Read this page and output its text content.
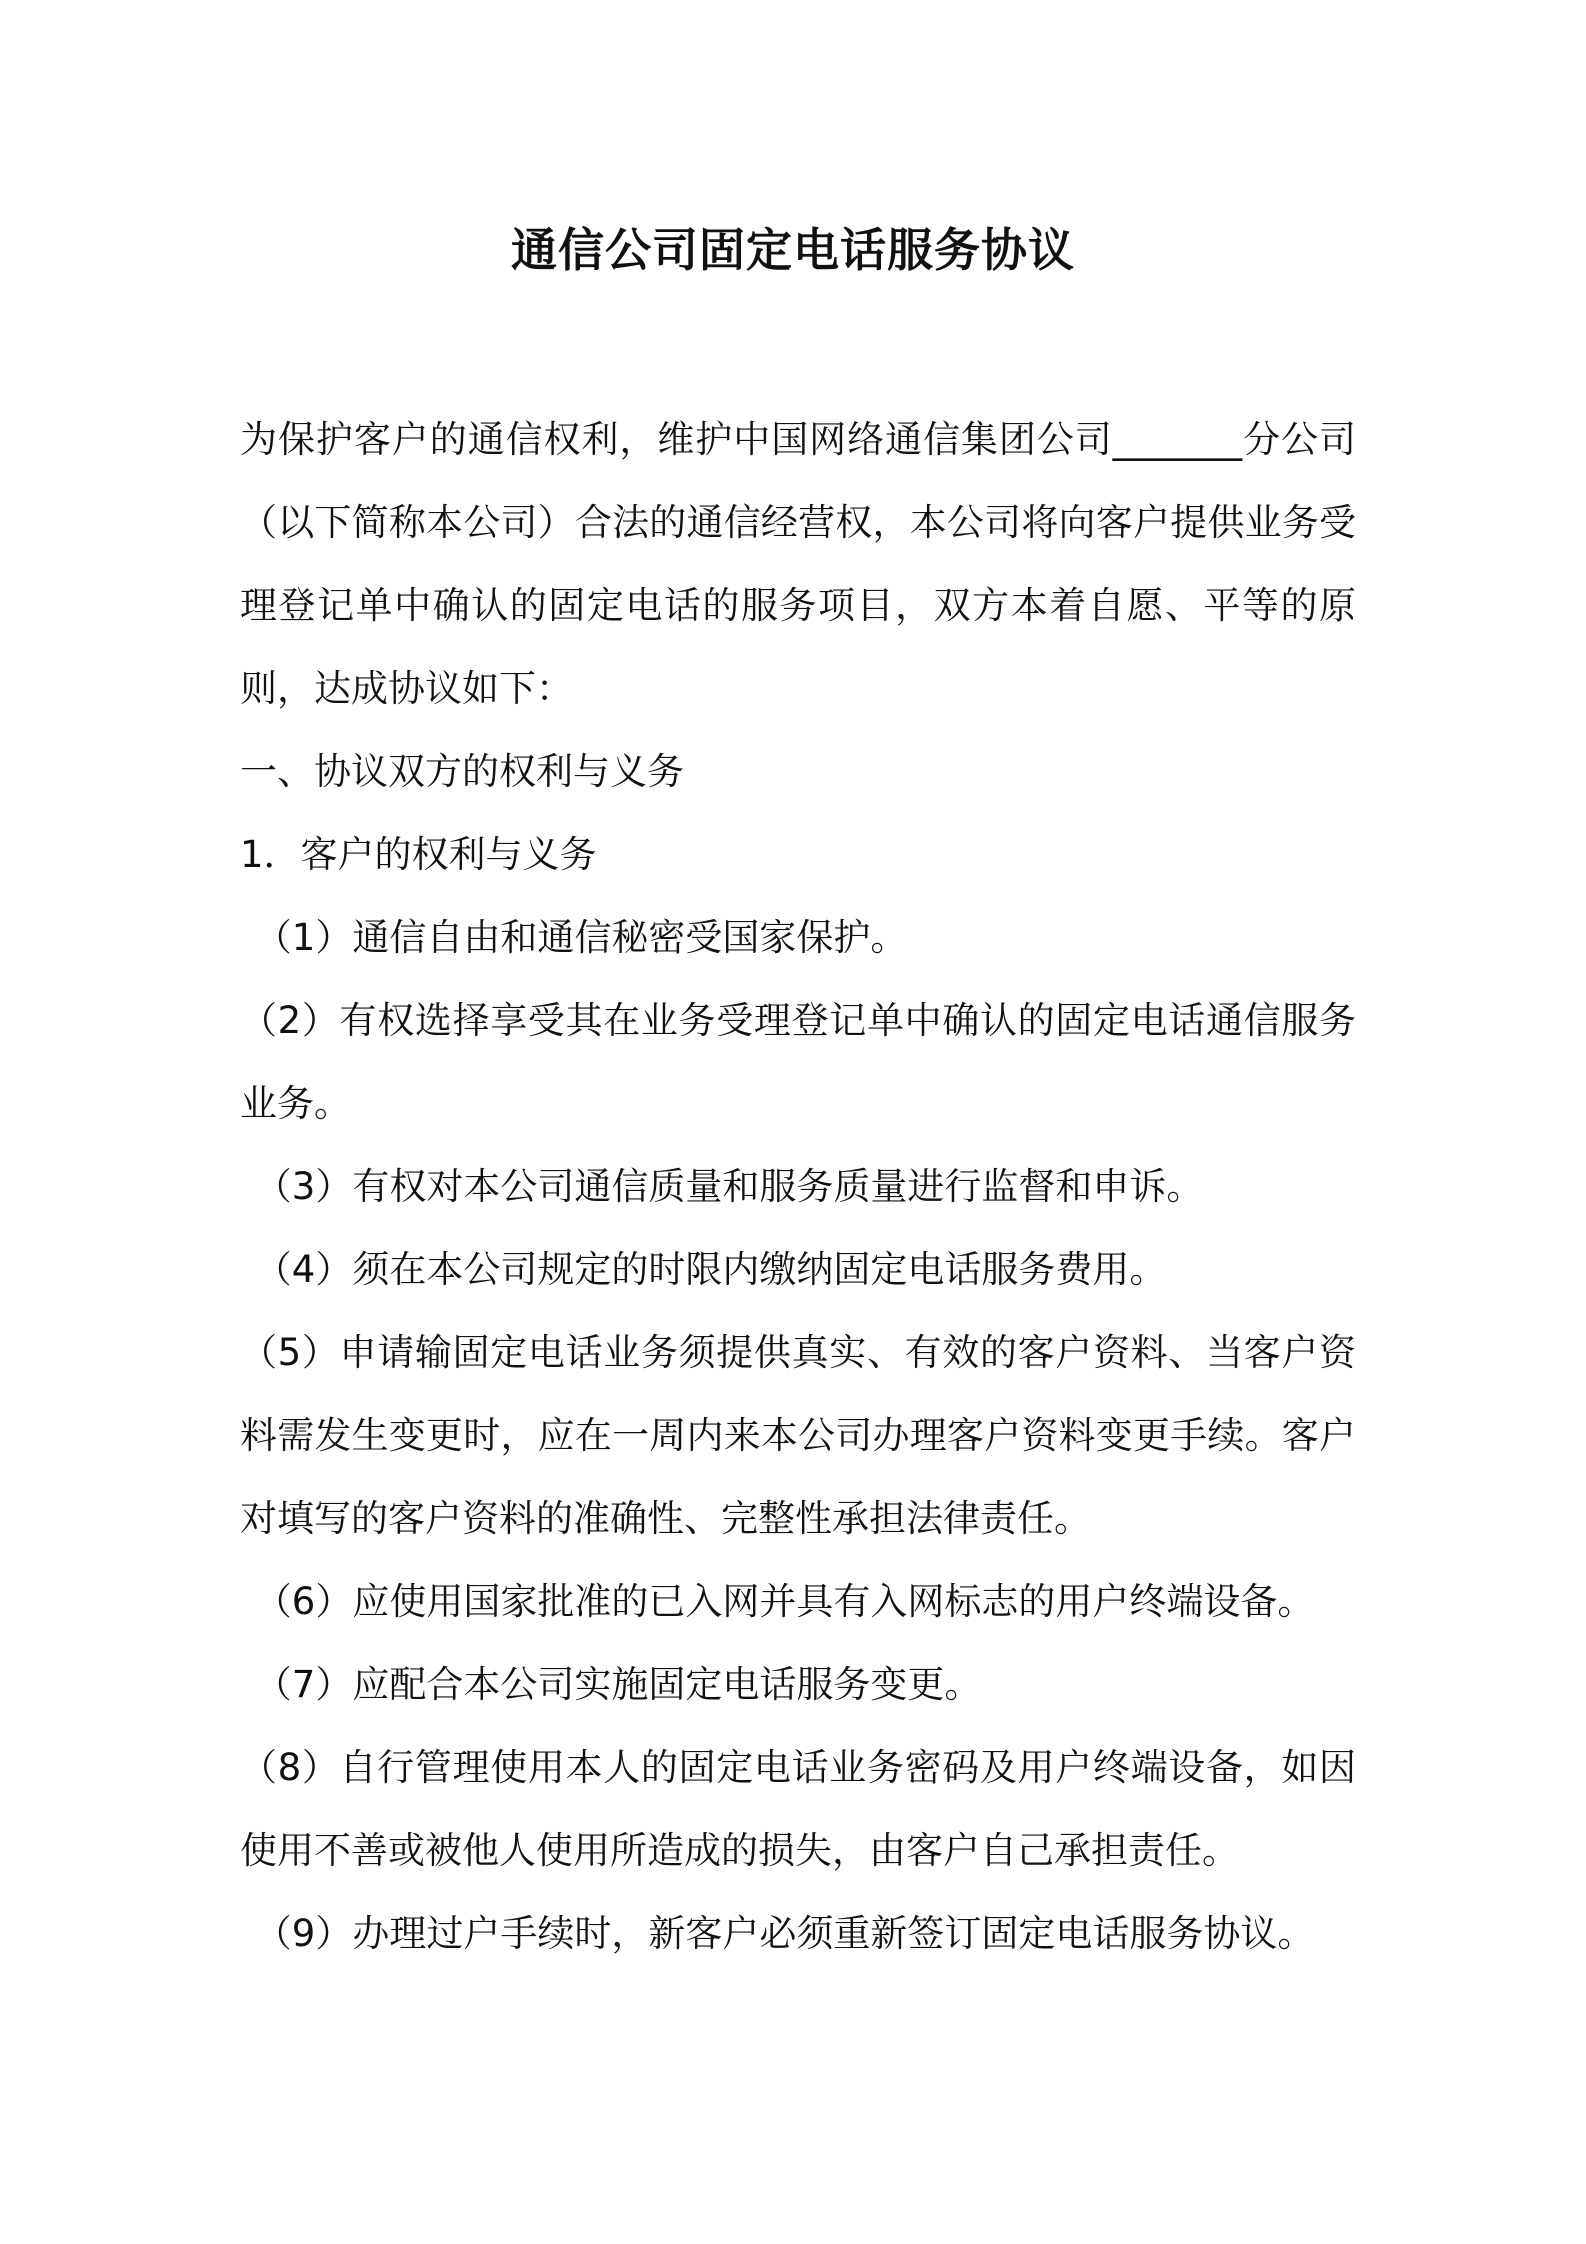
通信公司固定电话服务协议

为保护客户的通信权利，维护中国网络通信集团公司_______分公司（以下简称本公司）合法的通信经营权，本公司将向客户提供业务受理登记单中确认的固定电话的服务项目，双方本着自愿、平等的原则，达成协议如下：

一、协议双方的权利与义务

1．客户的权利与义务

（1）通信自由和通信秘密受国家保护。

（2）有权选择享受其在业务受理登记单中确认的固定电话通信服务业务。

（3）有权对本公司通信质量和服务质量进行监督和申诉。

（4）须在本公司规定的时限内缴纳固定电话服务费用。

（5）申请输固定电话业务须提供真实、有效的客户资料、当客户资料需发生变更时，应在一周内来本公司办理客户资料变更手续。客户对填写的客户资料的准确性、完整性承担法律责任。

（6）应使用国家批准的已入网并具有入网标志的用户终端设备。

（7）应配合本公司实施固定电话服务变更。

（8）自行管理使用本人的固定电话业务密码及用户终端设备，如因使用不善或被他人使用所造成的损失，由客户自己承担责任。

（9）办理过户手续时，新客户必须重新签订固定电话服务协议。
